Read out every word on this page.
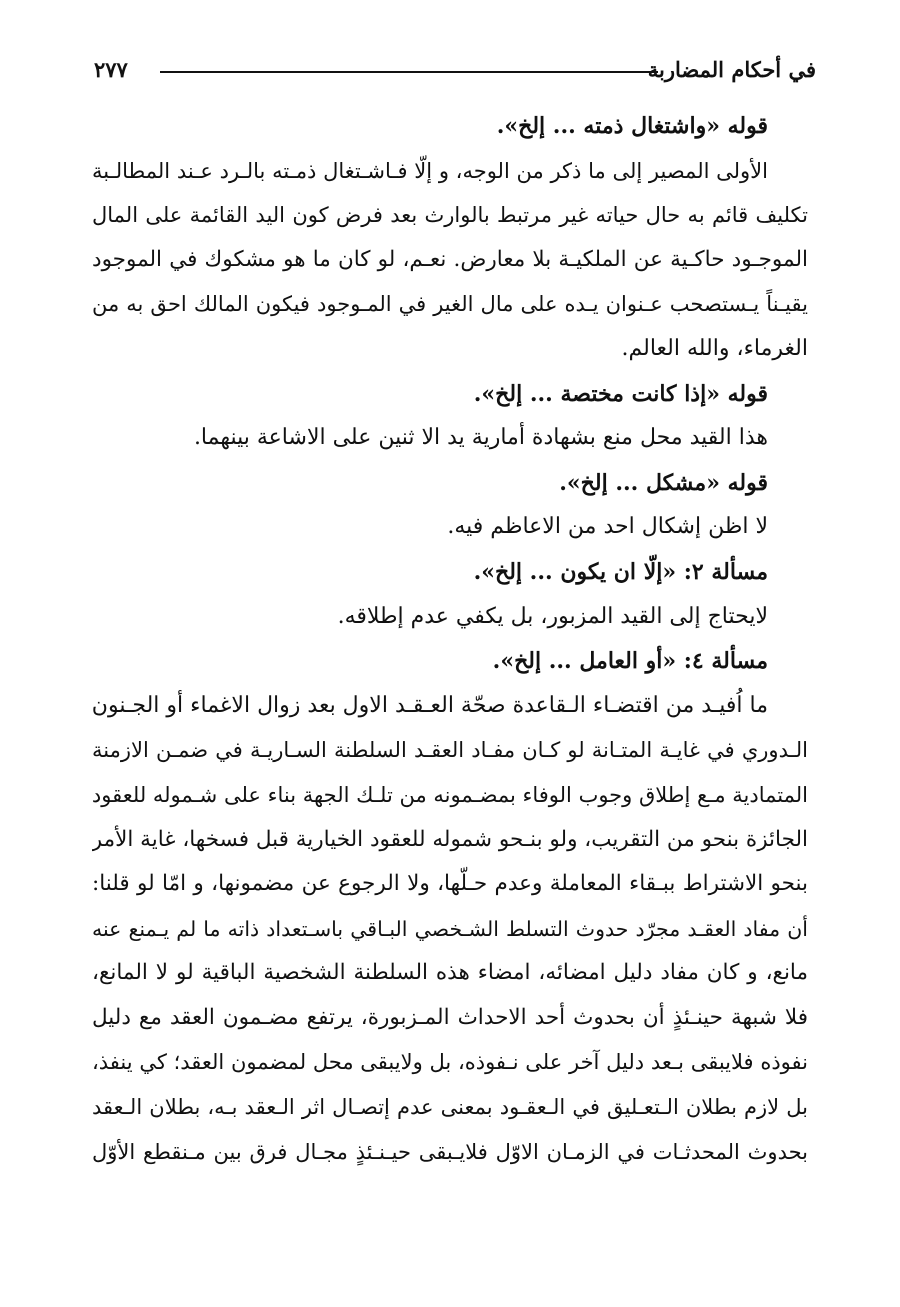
في أحكام المضاربة
٢٧٧
قوله «واشتغال ذمته ... إلخ».
الأولى المصير إلى ما ذكر من الوجه، و إلّا فـاشـتغال ذمـته بالـرد عـند المطالـبة
تكليف قائم به حال حياته غير مرتبط بالوارث بعد فرض كون اليد القائمة على المال
الموجـود حاكـية عن الملكيـة بلا معارض. نعـم، لو كان ما هو مشكوك في الموجود
يقيـناً يـستصحب عـنوان يـده على مال الغير في المـوجود فيكون المالك احق به من
الغرماء، والله العالم.
قوله «إذا كانت مختصة ... إلخ».
هذا القيد محل منع بشهادة أمارية يد الا ثنين على الاشاعة بينهما.
قوله «مشكل ... إلخ».
لا اظن إشكال احد من الاعاظم فيه.
مسألة ٢: «إلّا ان يكون ... إلخ».
لايحتاج إلى القيد المزبور، بل يكفي عدم إطلاقه.
مسألة ٤: «أو العامل ... إلخ».
ما اُفيـد من اقتضـاء الـقاعدة صحّة العـقـد الاول بعد زوال الاغماء أو الجـنون
الـدوري في غايـة المتـانة لو كـان مفـاد العقـد السلطنة السـاريـة في ضمـن الازمنة
المتمادية مـع إطلاق وجوب الوفاء بمضـمونه من تلـك الجهة بناء على شـموله للعقود
الجائزة بنحو من التقريب، ولو بنـحو شموله للعقود الخيارية قبل فسخها، غاية الأمر
بنحو الاشتراط ببـقاء المعاملة وعدم حـلّها، ولا الرجوع عن مضمونها، و امّا لو قلنا:
أن مفاد العقـد مجرّد حدوث التسلط الشـخصي البـاقي باسـتعداد ذاته ما لم يـمنع عنه
مانع، و كان مفاد دليل امضائه، امضاء هذه السلطنة الشخصية الباقية لو لا المانع،
فلا شبهة حينـئذٍ أن بحدوث أحد الاحداث المـزبورة، يرتفع مضـمون العقد مع دليل
نفوذه فلايبقى بـعد دليل آخر على نـفوذه، بل ولايبقى محل لمضمون العقد؛ كي ينفذ،
بل لازم بطلان الـتعـليق في الـعقـود بمعنى عدم إتصـال اثر الـعقد بـه، بطلان الـعقد
بحدوث المحدثـات في الزمـان الاوّل فلايـبقى حيـنـئذٍ مجـال فرق بين مـنقطع الأوّل
